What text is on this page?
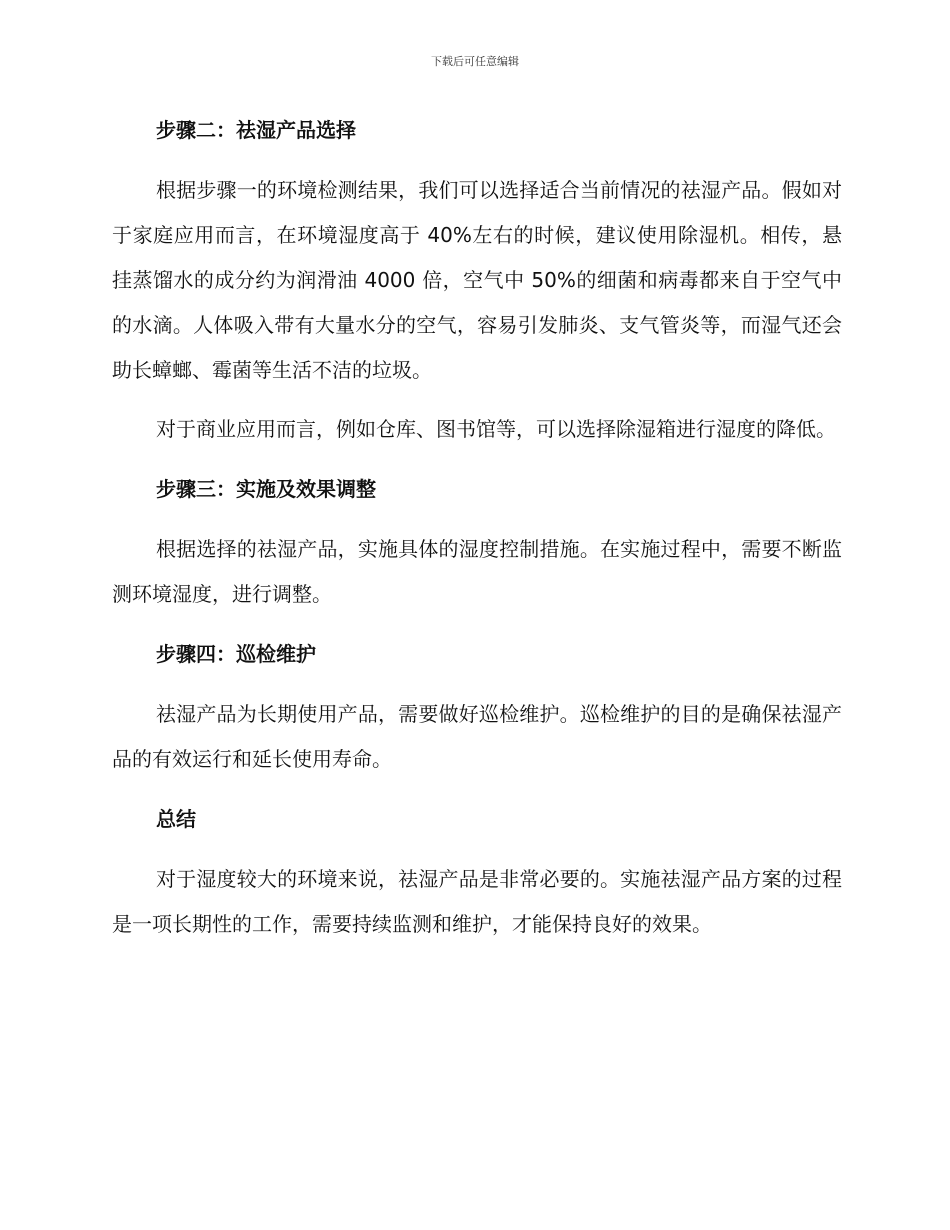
下载后可任意编辑
步骤二：祛湿产品选择

根据步骤一的环境检测结果，我们可以选择适合当前情况的祛湿产品。假如对于家庭应用而言，在环境湿度高于 40%左右的时候，建议使用除湿机。相传，悬挂蒸馏水的成分约为润滑油 4000 倍，空气中 50%的细菌和病毒都来自于空气中的水滴。人体吸入带有大量水分的空气，容易引发肺炎、支气管炎等，而湿气还会助长蟑螂、霉菌等生活不洁的垃圾。

对于商业应用而言，例如仓库、图书馆等，可以选择除湿箱进行湿度的降低。

步骤三：实施及效果调整

根据选择的祛湿产品，实施具体的湿度控制措施。在实施过程中，需要不断监测环境湿度，进行调整。

步骤四：巡检维护

祛湿产品为长期使用产品，需要做好巡检维护。巡检维护的目的是确保祛湿产品的有效运行和延长使用寿命。

总结

对于湿度较大的环境来说，祛湿产品是非常必要的。实施祛湿产品方案的过程是一项长期性的工作，需要持续监测和维护，才能保持良好的效果。
